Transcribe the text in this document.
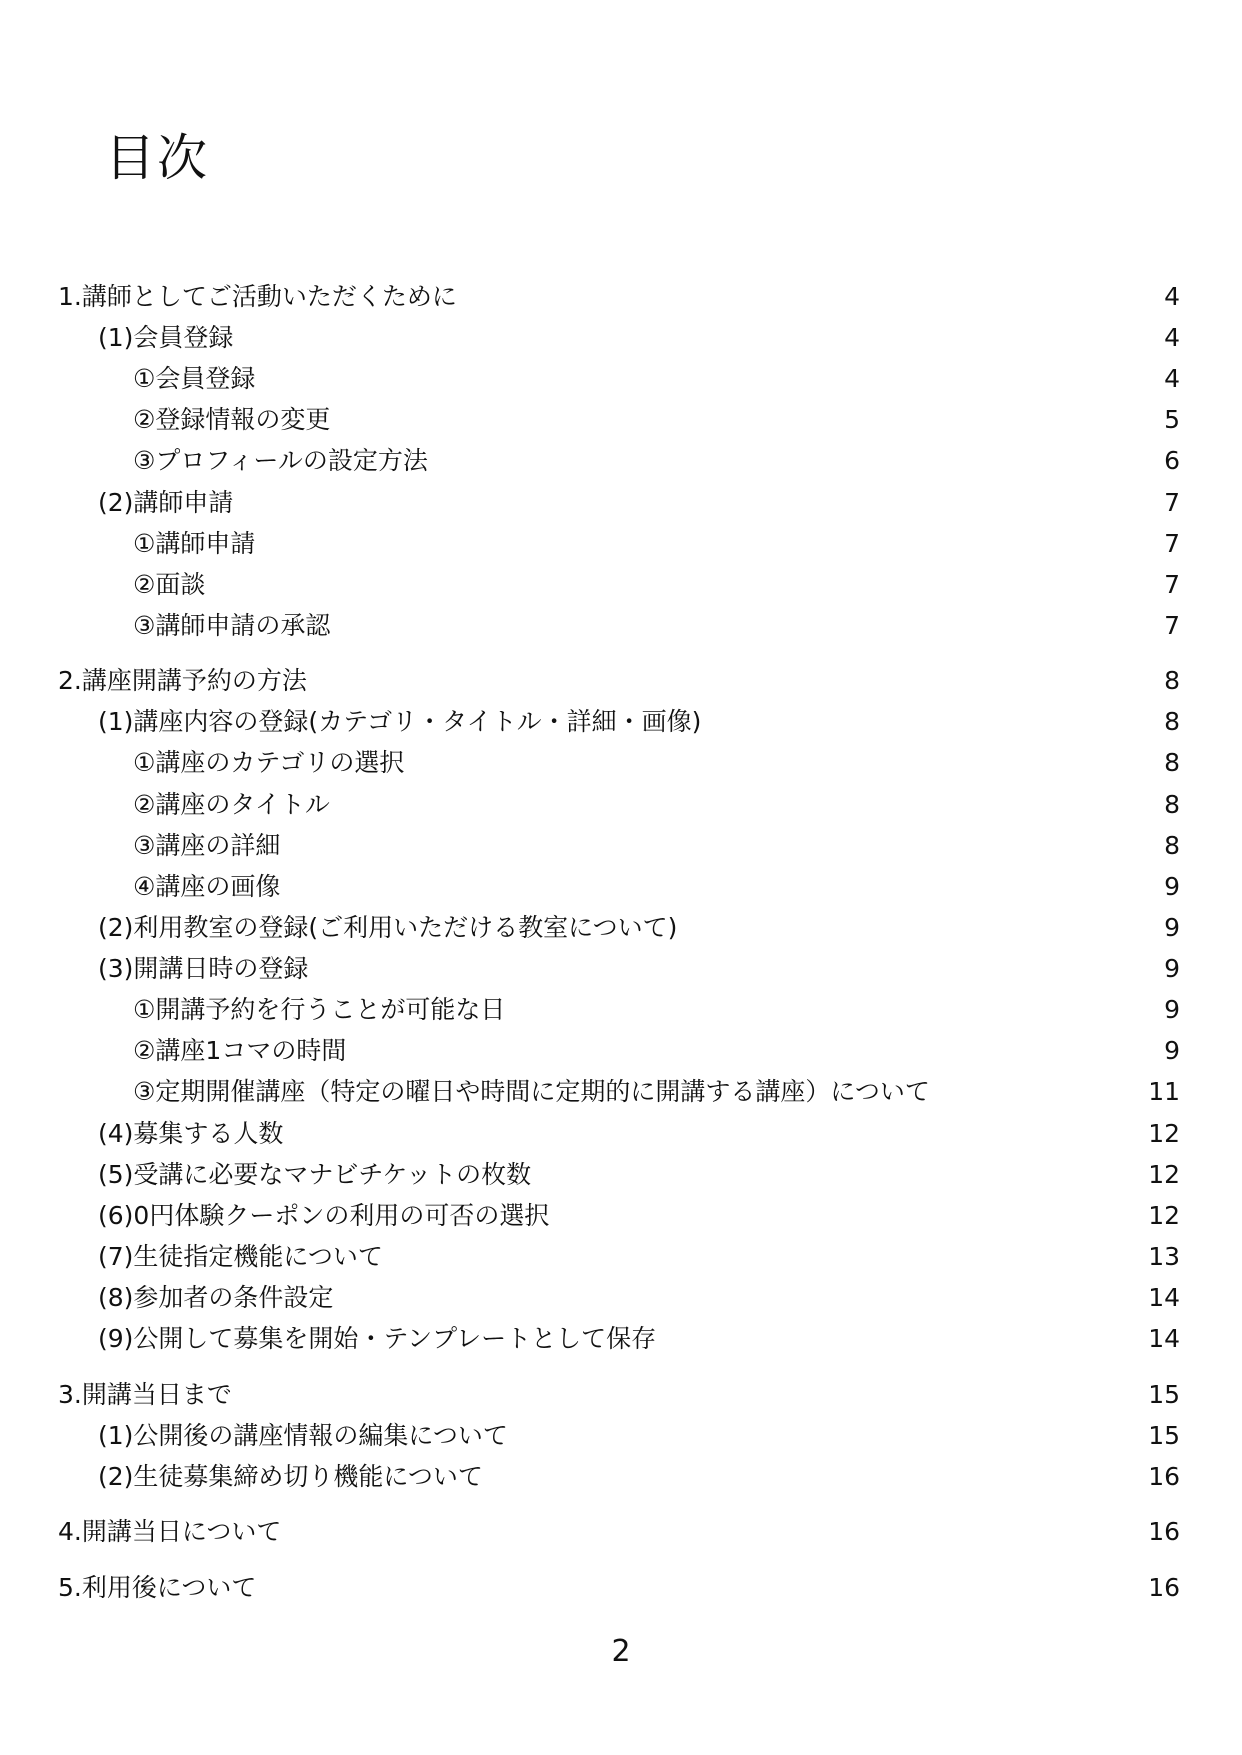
目次
1.講師としてご活動いただくために	4
(1)会員登録	4
①会員登録	4
②登録情報の変更	5
③プロフィールの設定方法	6
(2)講師申請	7
①講師申請	7
②面談	7
③講師申請の承認	7
2.講座開講予約の方法	8
(1)講座内容の登録(カテゴリ・タイトル・詳細・画像)	8
①講座のカテゴリの選択	8
②講座のタイトル	8
③講座の詳細	8
④講座の画像	9
(2)利用教室の登録(ご利用いただける教室について)	9
(3)開講日時の登録	9
①開講予約を行うことが可能な日	9
②講座1コマの時間	9
③定期開催講座（特定の曜日や時間に定期的に開講する講座）について	11
(4)募集する人数	12
(5)受講に必要なマナビチケットの枚数	12
(6)0円体験クーポンの利用の可否の選択	12
(7)生徒指定機能について	13
(8)参加者の条件設定	14
(9)公開して募集を開始・テンプレートとして保存	14
3.開講当日まで	15
(1)公開後の講座情報の編集について	15
(2)生徒募集締め切り機能について	16
4.開講当日について	16
5.利用後について	16
2
